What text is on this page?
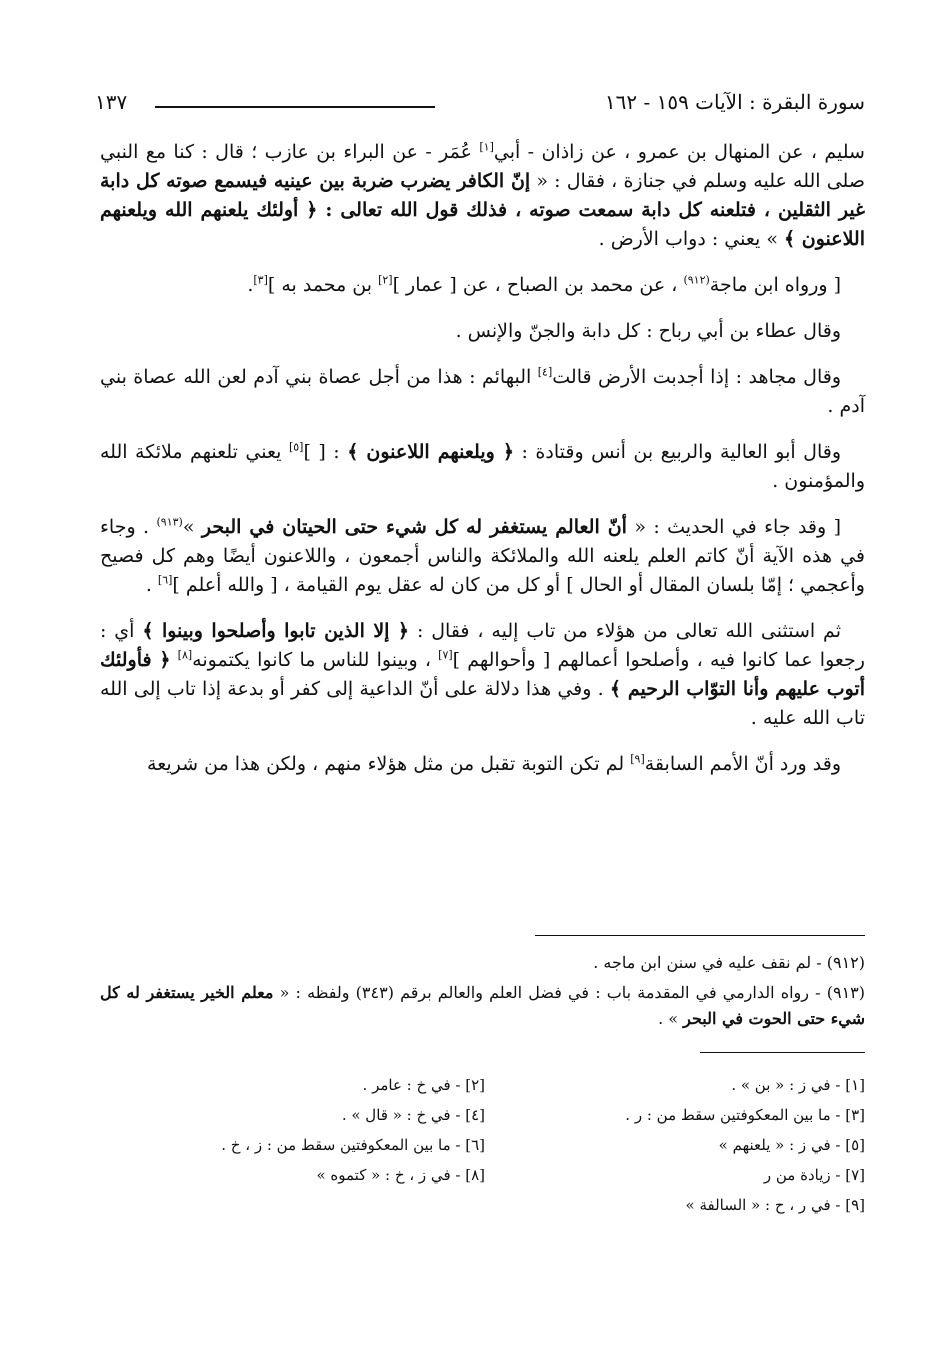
سورة البقرة : الآيات ١٥٩ - ١٦٢
١٣٧

سليم ، عن المنهال بن عمرو ، عن زاذان - أبي[١] عُمَر - عن البراء بن عازب ؛ قال : كنا مع النبي صلى الله عليه وسلم في جنازة ، فقال : « إنّ الكافر يضرب ضربة بين عينيه فيسمع صوته كل دابة غير الثقلين ، فتلعنه كل دابة سمعت صوته ، فذلك قول الله تعالى : ﴿ أولئك يلعنهم الله ويلعنهم اللاعنون ﴾ » يعني : دواب الأرض .

[ ورواه ابن ماجة$^{(٩١٢)}$ ، عن محمد بن الصباح ، عن [ عمار ][٢] بن محمد به ][٣].

وقال عطاء بن أبي رباح : كل دابة والجنّ والإنس .

وقال مجاهد : إذا أجدبت الأرض قالت[٤] البهائم : هذا من أجل عصاة بني آدم لعن الله عصاة بني آدم .

وقال أبو العالية والربيع بن أنس وقتادة : ﴿ ويلعنهم اللاعنون ﴾ : [ ][٥] يعني تلعنهم ملائكة الله والمؤمنون .

[ وقد جاء في الحديث : « أنّ العالم يستغفر له كل شيء حتى الحيتان في البحر »$^{(٩١٣)}$ . وجاء في هذه الآية أنّ كاتم العلم يلعنه الله والملائكة والناس أجمعون ، واللاعنون أيضًا وهم كل فصيح وأعجمي ؛ إمّا بلسان المقال أو الحال ] أو كل من كان له عقل يوم القيامة ، [ والله أعلم ][٦] .

ثم استثنى الله تعالى من هؤلاء من تاب إليه ، فقال : ﴿ إلا الذين تابوا وأصلحوا وبينوا ﴾ أي : رجعوا عما كانوا فيه ، وأصلحوا أعمالهم [ وأحوالهم ][٧] ، وبينوا للناس ما كانوا يكتمونه[٨] ﴿ فأولئك أتوب عليهم وأنا التوّاب الرحيم ﴾ . وفي هذا دلالة على أنّ الداعية إلى كفر أو بدعة إذا تاب إلى الله تاب الله عليه .

وقد ورد أنّ الأمم السابقة[٩] لم تكن التوبة تقبل من مثل هؤلاء منهم ، ولكن هذا من شريعة

(٩١٢) - لم نقف عليه في سنن ابن ماجه .

(٩١٣) - رواه الدارمي في المقدمة باب : في فضل العلم والعالم برقم (٣٤٣) ولفظه : « معلم الخير يستغفر له كل شيء حتى الحوت في البحر » .

[١] - في ز : « بن » .
[٢] - في خ : عامر .
[٣] - ما بين المعكوفتين سقط من : ر .
[٤] - في خ : « قال » .
[٥] - في ز : « يلعنهم »
[٦] - ما بين المعكوفتين سقط من : ز ، خ .
[٧] - زيادة من ر
[٨] - في ز ، خ : « كتموه »
[٩] - في ر ، ح : « السالفة »
